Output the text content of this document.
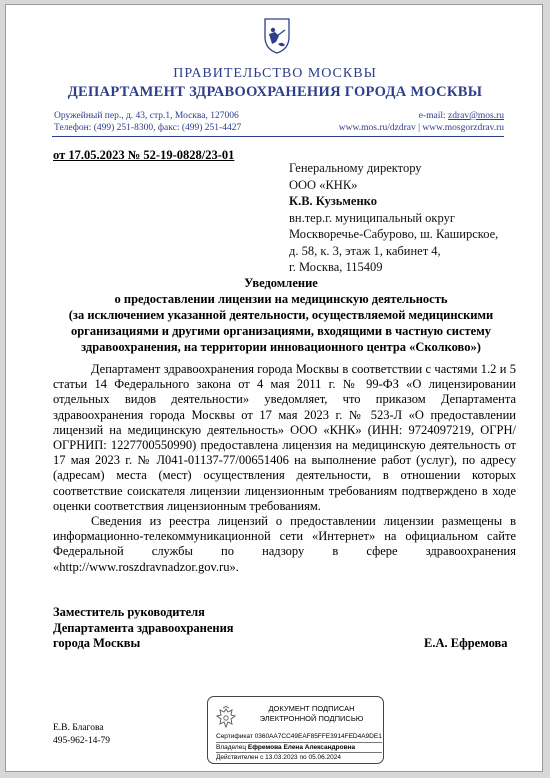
ПРАВИТЕЛЬСТВО МОСКВЫ
ДЕПАРТАМЕНТ ЗДРАВООХРАНЕНИЯ ГОРОДА МОСКВЫ
Оружейный пер., д. 43, стр.1, Москва, 127006
Телефон: (499) 251-8300, факс: (499) 251-4427
e-mail: zdrav@mos.ru
www.mos.ru/dzdrav | www.mosgorzdrav.ru
от 17.05.2023 № 52-19-0828/23-01
Генеральному директору
ООО «КНК»
К.В. Кузьменко
вн.тер.г. муниципальный округ
Москворечье-Сабурово, ш. Каширское,
д. 58, к. 3, этаж 1, кабинет 4,
г. Москва, 115409
Уведомление
о предоставлении лицензии на медицинскую деятельность
(за исключением указанной деятельности, осуществляемой медицинскими
организациями и другими организациями, входящими в частную систему
здравоохранения, на территории инновационного центра «Сколково»)

Департамент здравоохранения города Москвы в соответствии с частями 1.2 и 5 статьи 14 Федерального закона от 4 мая 2011 г. № 99-ФЗ «О лицензировании отдельных видов деятельности» уведомляет, что приказом Департамента здравоохранения города Москвы от 17 мая 2023 г. № 523-Л «О предоставлении лицензий на медицинскую деятельность» ООО «КНК» (ИНН: 9724097219, ОГРН/ОГРНИП: 1227700550990) предоставлена лицензия на медицинскую деятельность от 17 мая 2023 г. № Л041-01137-77/00651406 на выполнение работ (услуг), по адресу (адресам) места (мест) осуществления деятельности, в отношении которых соответствие соискателя лицензии лицензионным требованиям подтверждено в ходе оценки соответствия лицензионным требованиям.

Сведения из реестра лицензий о предоставлении лицензии размещены в информационно-телекоммуникационной сети «Интернет» на официальном сайте Федеральной службы по надзору в сфере здравоохранения «http://www.roszdravnadzor.gov.ru».

Заместитель руководителя
Департамента здравоохранения
города Москвы	Е.А. Ефремова
ДОКУМЕНТ ПОДПИСАН
ЭЛЕКТРОННОЙ ПОДПИСЬЮ
Сертификат 0360AA7CC49EAF85FFE3914FED4A9DE1
Владелец Ефремова Елена Александровна
Действителен с 13.03.2023 по 05.06.2024
Е.В. Благова
495-962-14-79
